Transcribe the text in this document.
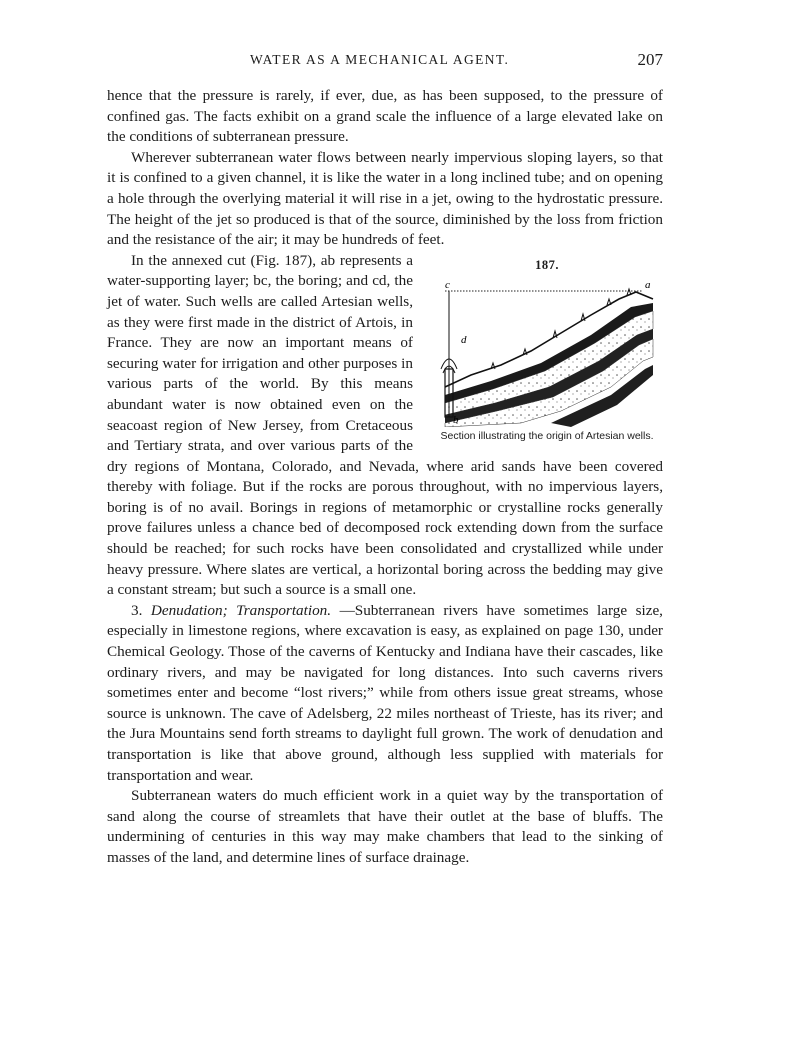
WATER AS A MECHANICAL AGENT.	207

hence that the pressure is rarely, if ever, due, as has been supposed, to the pressure of confined gas. The facts exhibit on a grand scale the influence of a large elevated lake on the conditions of subterranean pressure.

Wherever subterranean water flows between nearly impervious sloping layers, so that it is confined to a given channel, it is like the water in a long inclined tube; and on opening a hole through the overlying material it will rise in a jet, owing to the hydrostatic pressure. The height of the jet so produced is that of the source, diminished by the loss from friction and the resistance of the air; it may be hundreds of feet.

187.
c	a
d
b
Section illustrating the origin of Artesian wells.

In the annexed cut (Fig. 187), ab represents a water-supporting layer; bc, the boring; and cd, the jet of water. Such wells are called Artesian wells, as they were first made in the district of Artois, in France. They are now an important means of securing water for irrigation and other purposes in various parts of the world. By this means abundant water is now obtained even on the seacoast region of New Jersey, from Cretaceous and Tertiary strata, and over various parts of the dry regions of Montana, Colorado, and Nevada, where arid sands have been covered thereby with foliage. But if the rocks are porous throughout, with no impervious layers, boring is of no avail. Borings in regions of metamorphic or crystalline rocks generally prove failures unless a chance bed of decomposed rock extending down from the surface should be reached; for such rocks have been consolidated and crystallized while under heavy pressure. Where slates are vertical, a horizontal boring across the bedding may give a constant stream; but such a source is a small one.

3. Denudation; Transportation. —Subterranean rivers have sometimes large size, especially in limestone regions, where excavation is easy, as explained on page 130, under Chemical Geology. Those of the caverns of Kentucky and Indiana have their cascades, like ordinary rivers, and may be navigated for long distances. Into such caverns rivers sometimes enter and become “lost rivers;” while from others issue great streams, whose source is unknown. The cave of Adelsberg, 22 miles northeast of Trieste, has its river; and the Jura Mountains send forth streams to daylight full grown. The work of denudation and transportation is like that above ground, although less supplied with materials for transportation and wear.

Subterranean waters do much efficient work in a quiet way by the transportation of sand along the course of streamlets that have their outlet at the base of bluffs. The undermining of centuries in this way may make chambers that lead to the sinking of masses of the land, and determine lines of surface drainage.
